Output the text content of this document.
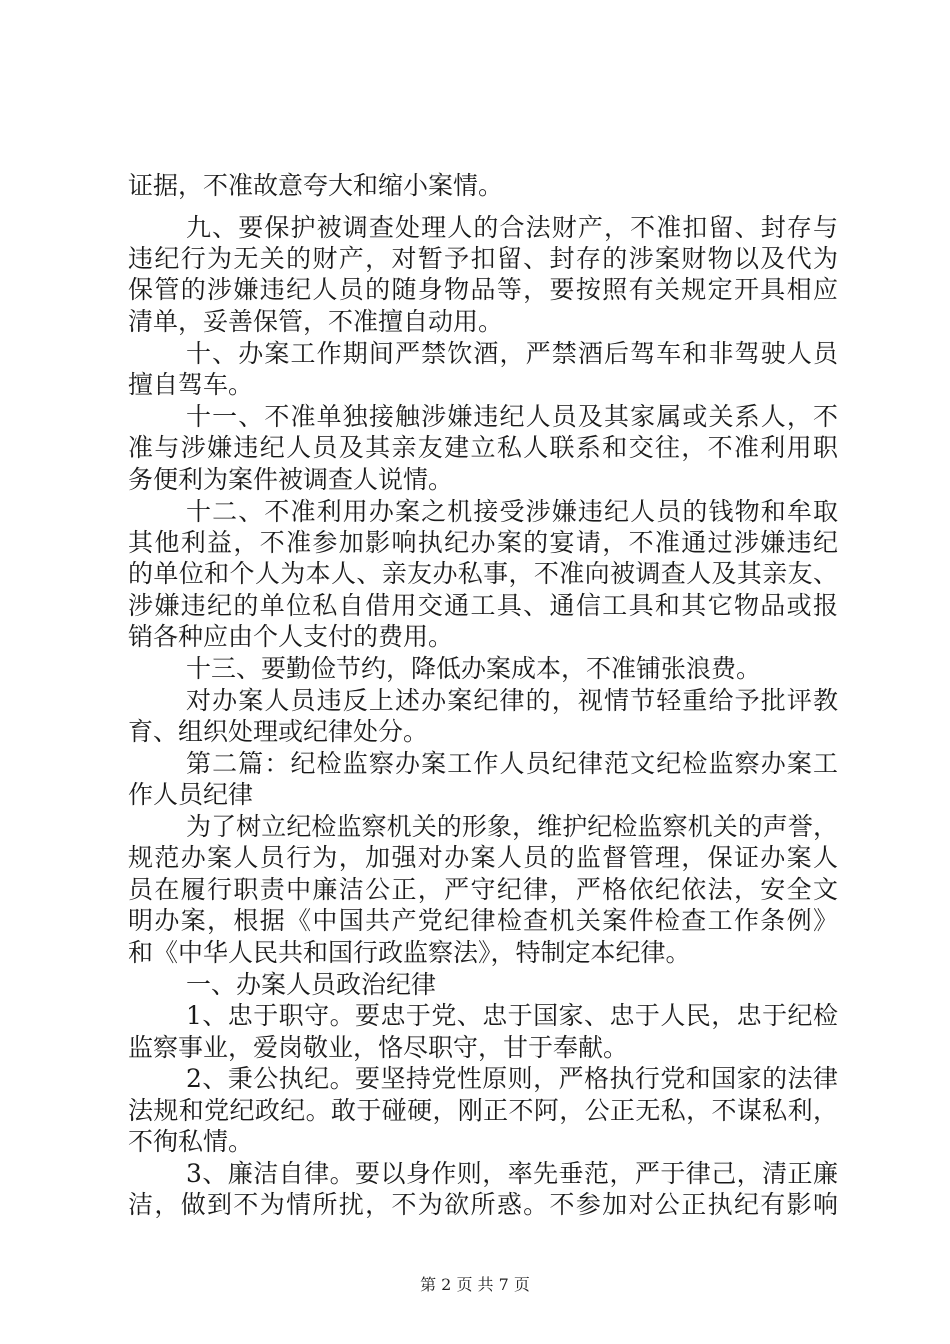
证据，不准故意夸大和缩小案情。
九、要保护被调查处理人的合法财产，不准扣留、封存与
违纪行为无关的财产，对暂予扣留、封存的涉案财物以及代为
保管的涉嫌违纪人员的随身物品等，要按照有关规定开具相应
清单，妥善保管，不准擅自动用。
十、办案工作期间严禁饮酒，严禁酒后驾车和非驾驶人员
擅自驾车。
十一、不准单独接触涉嫌违纪人员及其家属或关系人，不
准与涉嫌违纪人员及其亲友建立私人联系和交往，不准利用职
务便利为案件被调查人说情。
十二、不准利用办案之机接受涉嫌违纪人员的钱物和牟取
其他利益，不准参加影响执纪办案的宴请，不准通过涉嫌违纪
的单位和个人为本人、亲友办私事，不准向被调查人及其亲友、
涉嫌违纪的单位私自借用交通工具、通信工具和其它物品或报
销各种应由个人支付的费用。
十三、要勤俭节约，降低办案成本，不准铺张浪费。
对办案人员违反上述办案纪律的，视情节轻重给予批评教
育、组织处理或纪律处分。
第二篇：纪检监察办案工作人员纪律范文纪检监察办案工
作人员纪律
为了树立纪检监察机关的形象，维护纪检监察机关的声誉，
规范办案人员行为，加强对办案人员的监督管理，保证办案人
员在履行职责中廉洁公正，严守纪律，严格依纪依法，安全文
明办案，根据《中国共产党纪律检查机关案件检查工作条例》
和《中华人民共和国行政监察法》，特制定本纪律。
一、办案人员政治纪律
1、忠于职守。要忠于党、忠于国家、忠于人民，忠于纪检
监察事业，爱岗敬业，恪尽职守，甘于奉献。
2、秉公执纪。要坚持党性原则，严格执行党和国家的法律
法规和党纪政纪。敢于碰硬，刚正不阿，公正无私，不谋私利，
不徇私情。
3、廉洁自律。要以身作则，率先垂范，严于律己，清正廉
洁，做到不为情所扰，不为欲所惑。不参加对公正执纪有影响
第 2 页 共 7 页
